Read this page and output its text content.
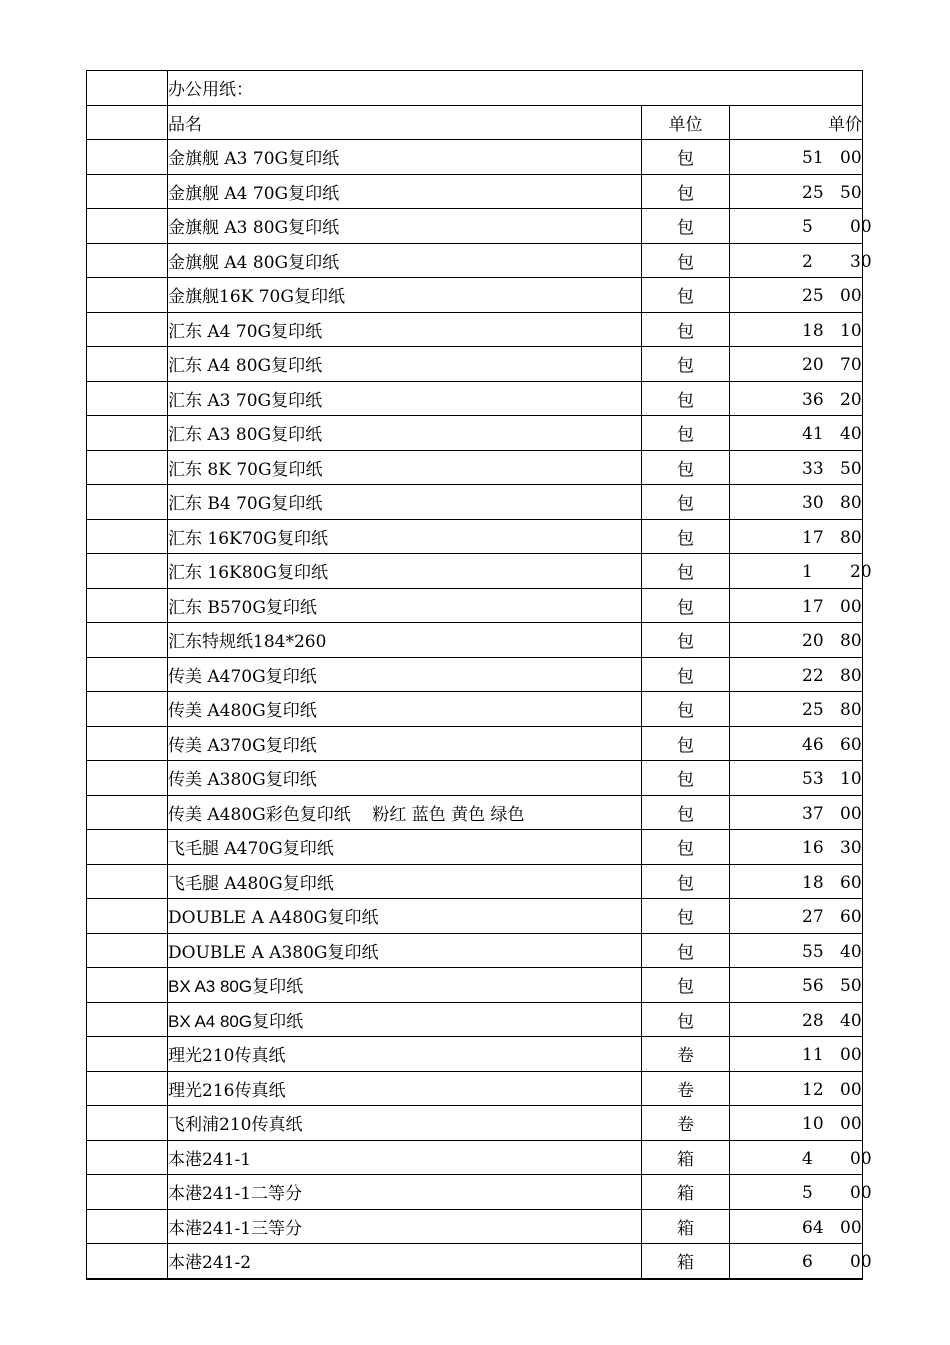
	办公用纸：		
	品名	单位	单价
	金旗舰 A3 70G复印纸	包	51 00

	金旗舰 A4 70G复印纸	包	25 50

	金旗舰 A3 80G复印纸	包	5 00

	金旗舰 A4 80G复印纸	包	2 30

	金旗舰16K 70G复印纸	包	25 00

	汇东 A4 70G复印纸	包	18 10

	汇东 A4 80G复印纸	包	20 70

	汇东 A3 70G复印纸	包	36 20

	汇东 A3 80G复印纸	包	41 40

	汇东 8K 70G复印纸	包	33 50

	汇东 B4 70G复印纸	包	30 80

	汇东 16K70G复印纸	包	17 80

	汇东 16K80G复印纸	包	1 20

	汇东 B570G复印纸	包	17 00

	汇东特规纸184*260	包	20 80

	传美 A470G复印纸	包	22 80

	传美 A480G复印纸	包	25 80

	传美 A370G复印纸	包	46 60

	传美 A380G复印纸	包	53 10

	传美 A480G彩色复印纸    粉红 蓝色 黄色 绿色	包	37 00

	飞毛腿 A470G复印纸	包	16 30

	飞毛腿 A480G复印纸	包	18 60

	DOUBLE A A480G复印纸	包	27 60

	DOUBLE A A380G复印纸	包	55 40

	BX A3 80G复印纸	包	56 50

	BX A4 80G复印纸	包	28 40

	理光210传真纸	卷	11 00

	理光216传真纸	卷	12 00

	飞利浦210传真纸	卷	10 00

	本港241-1	箱	4 00

	本港241-1二等分	箱	5 00

	本港241-1三等分	箱	64 00

	本港241-2	箱	6 00
